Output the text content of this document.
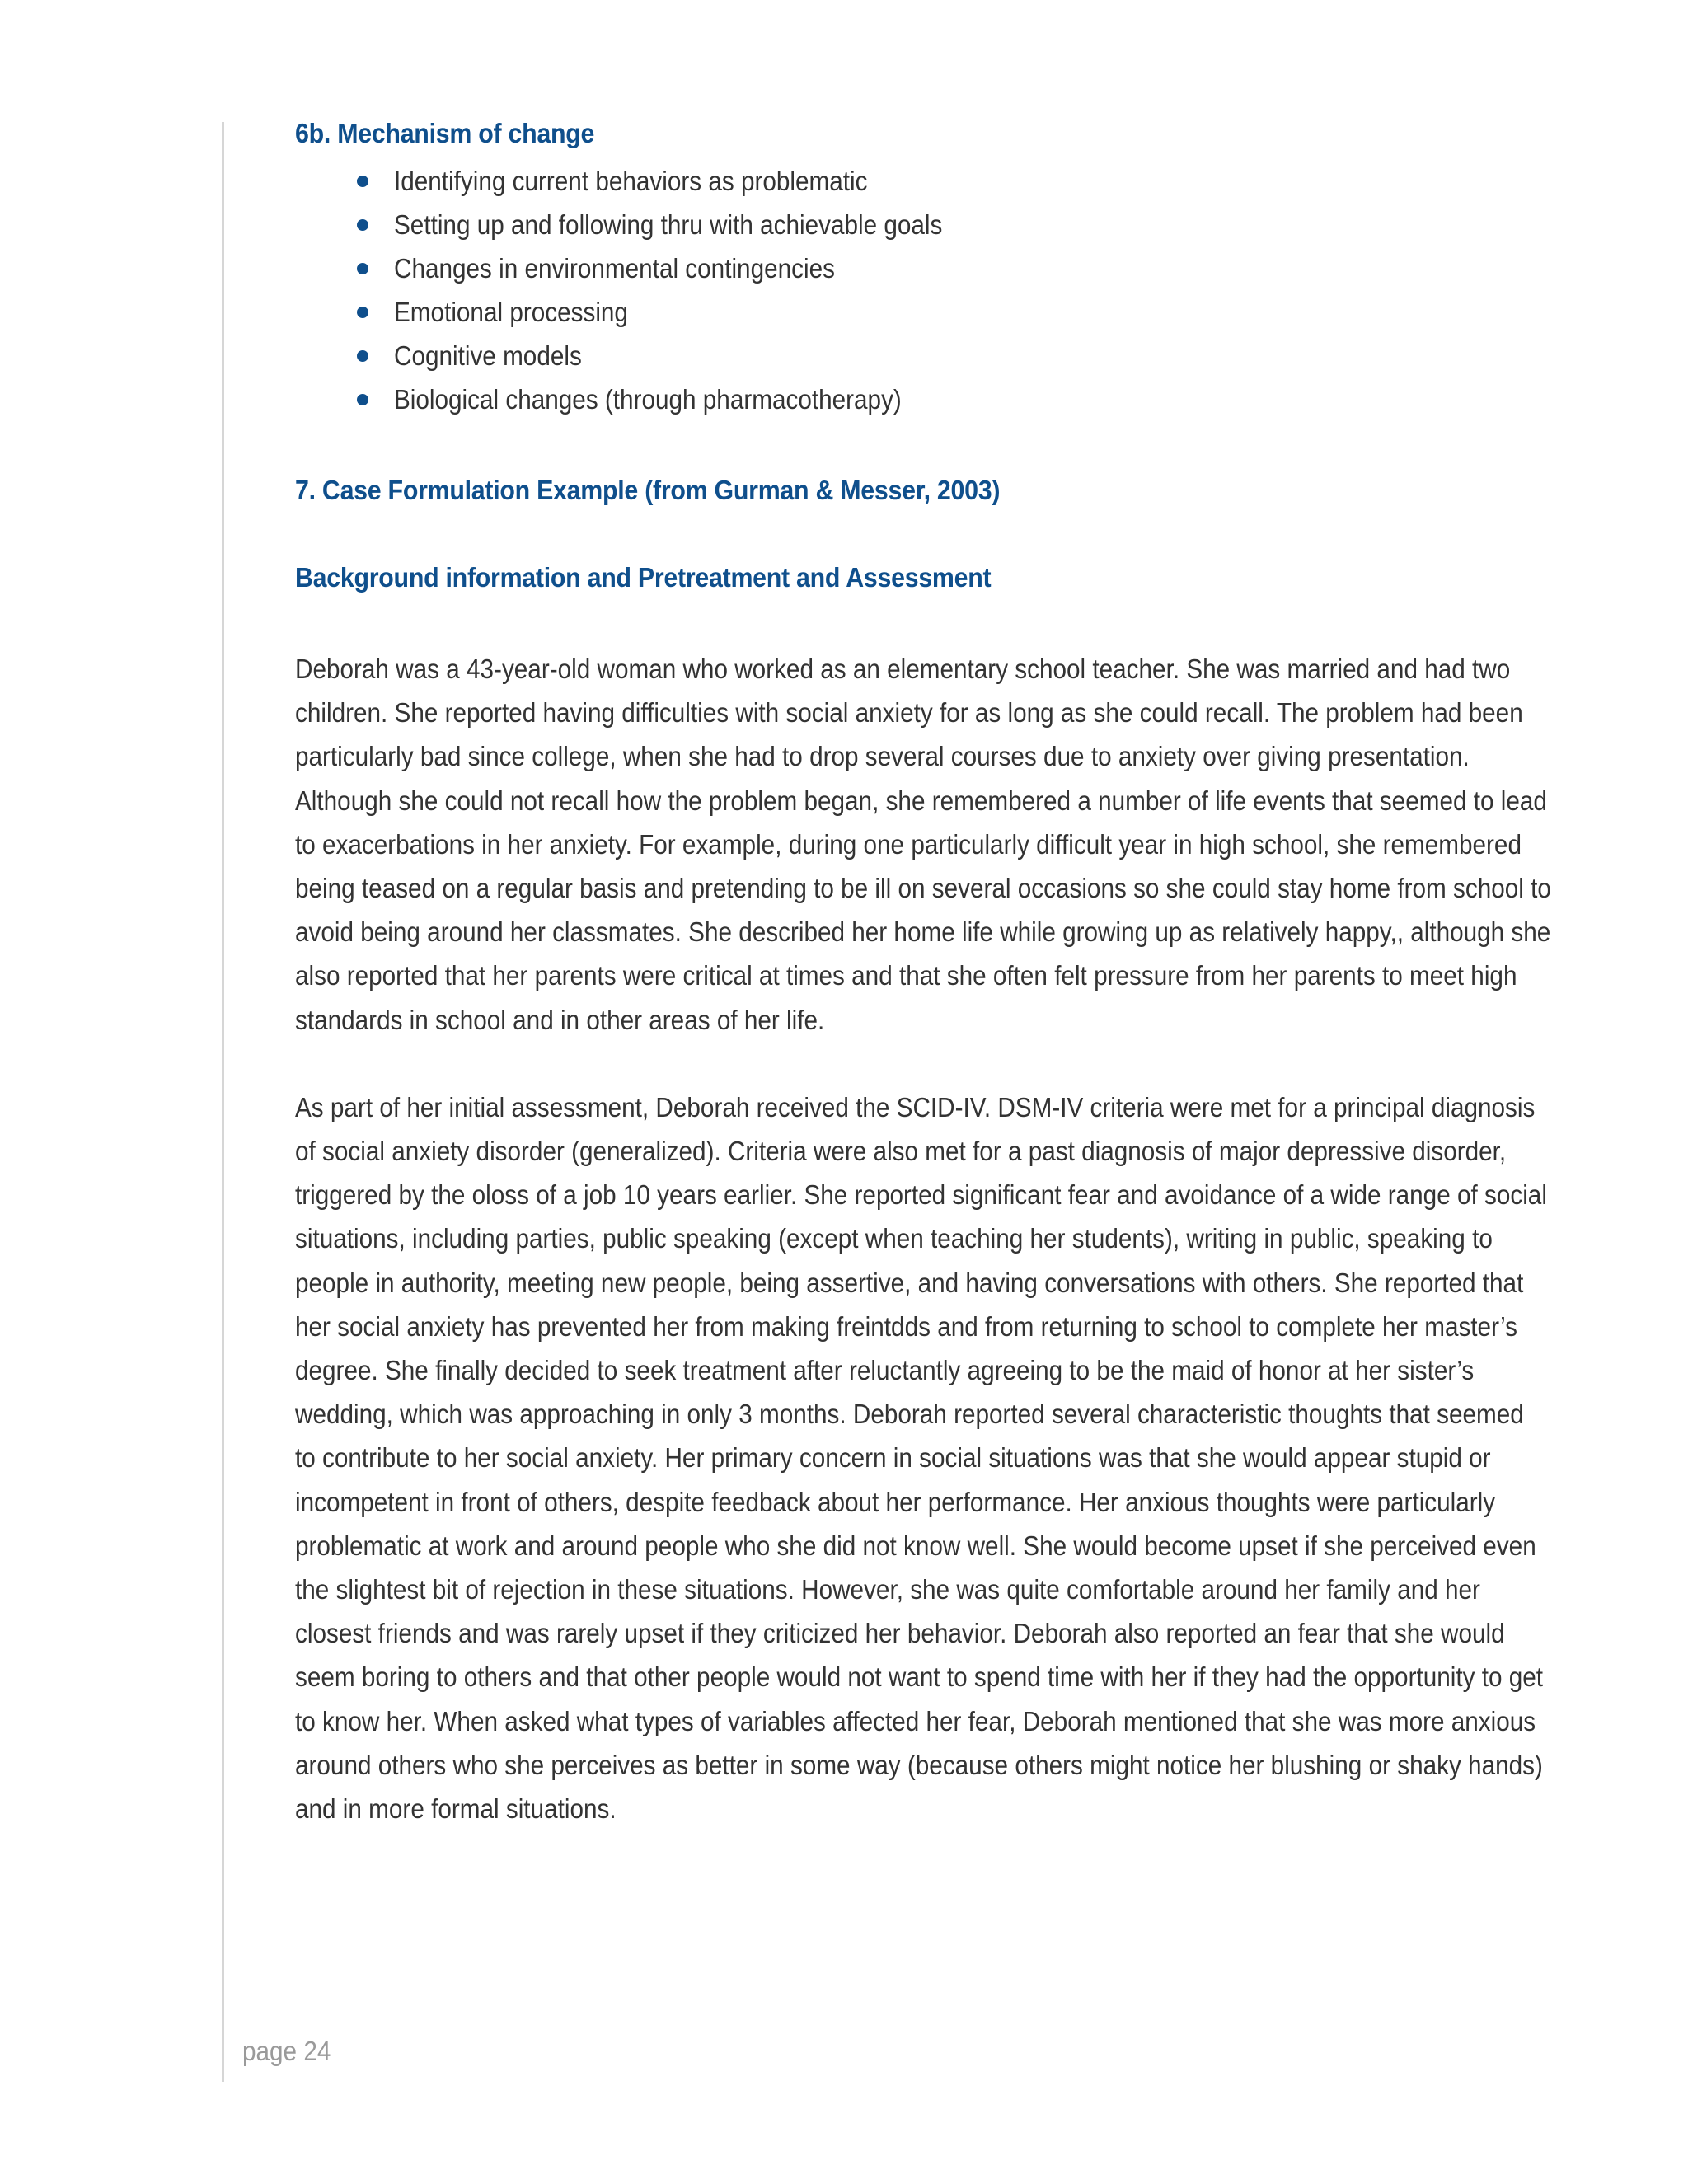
6b. Mechanism of change
Identifying current behaviors as problematic
Setting up and following thru with achievable goals
Changes in environmental contingencies
Emotional processing
Cognitive models
Biological changes (through pharmacotherapy)
7. Case Formulation Example (from Gurman & Messer, 2003)
Background information and Pretreatment and Assessment

Deborah was a 43-year-old woman who worked as an elementary school teacher. She was married and had two
children. She reported having difficulties with social anxiety for as long as she could recall. The problem had been
particularly bad since college, when she had to drop several courses due to anxiety over giving presentation.
Although she could not recall how the problem began, she remembered a number of life events that seemed to lead
to exacerbations in her anxiety. For example, during one particularly difficult year in high school, she remembered
being teased on a regular basis and pretending to be ill on several occasions so she could stay home from school to
avoid being around her classmates. She described her home life while growing up as relatively happy,, although she
also reported that her parents were critical at times and that she often felt pressure from her parents to meet high
standards in school and in other areas of her life.

As part of her initial assessment, Deborah received the SCID-IV. DSM-IV criteria were met for a principal diagnosis
of social anxiety disorder (generalized). Criteria were also met for a past diagnosis of major depressive disorder,
triggered by the oloss of a job 10 years earlier. She reported significant fear and avoidance of a wide range of social
situations, including parties, public speaking (except when teaching her students), writing in public, speaking to
people in authority, meeting new people, being assertive, and having conversations with others. She reported that
her social anxiety has prevented her from making freintdds and from returning to school to complete her master’s
degree. She finally decided to seek treatment after reluctantly agreeing to be the maid of honor at her sister’s
wedding, which was approaching in only 3 months. Deborah reported several characteristic thoughts that seemed
to contribute to her social anxiety. Her primary concern in social situations was that she would appear stupid or
incompetent in front of others, despite feedback about her performance. Her anxious thoughts were particularly
problematic at work and around people who she did not know well. She would become upset if she perceived even
the slightest bit of rejection in these situations. However, she was quite comfortable around her family and her
closest friends and was rarely upset if they criticized her behavior. Deborah also reported an fear that she would
seem boring to others and that other people would not want to spend time with her if they had the opportunity to get
to know her. When asked what types of variables affected her fear, Deborah mentioned that she was more anxious
around others who she perceives as better in some way (because others might notice her blushing or shaky hands)
and in more formal situations.

page 24
